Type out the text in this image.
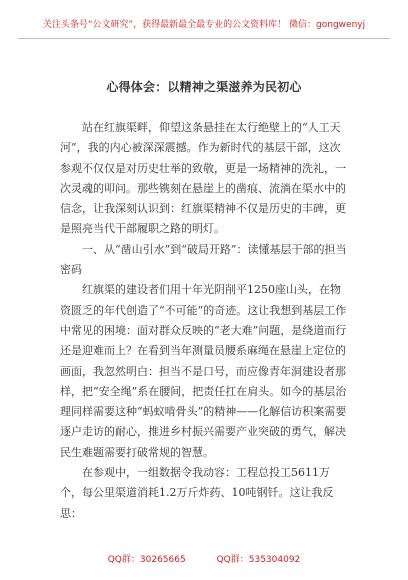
关注头条号“公文研究”，获得最新最全最专业的公文资料库！ 微信：gongwenyj
心得体会：以精神之渠滋养为民初心

站在红旗渠畔，仰望这条悬挂在太行绝壁上的“人工天河”，我的内心被深深震撼。作为新时代的基层干部，这次参观不仅仅是对历史壮举的致敬，更是一场精神的洗礼，一次灵魂的叩问。那些镌刻在悬崖上的凿痕、流淌在渠水中的信念，让我深刻认识到：红旗渠精神不仅是历史的丰碑，更是照亮当代干部履职之路的明灯。

一、从“凿山引水”到“破局开路”：读懂基层干部的担当密码

红旗渠的建设者们用十年光阴削平1250座山头，在物资匮乏的年代创造了“不可能”的奇迹。这让我想到基层工作中常见的困境：面对群众反映的“老大难”问题，是绕道而行还是迎难而上？在看到当年测量员腰系麻绳在悬崖上定位的画面，我忽然明白：担当不是口号，而应像青年洞建设者那样，把“安全绳”系在腰间，把责任扛在肩头。如今的基层治理同样需要这种“蚂蚁啃骨头”的精神——化解信访积案需要逐户走访的耐心，推进乡村振兴需要产业突破的勇气，解决民生难题需要打破常规的智慧。

在参观中，一组数据令我动容：工程总投工5611万个，每公里渠道消耗1.2万斤炸药、10吨钢钎。这让我反思：

QQ群：30265665	QQ群：535304092
